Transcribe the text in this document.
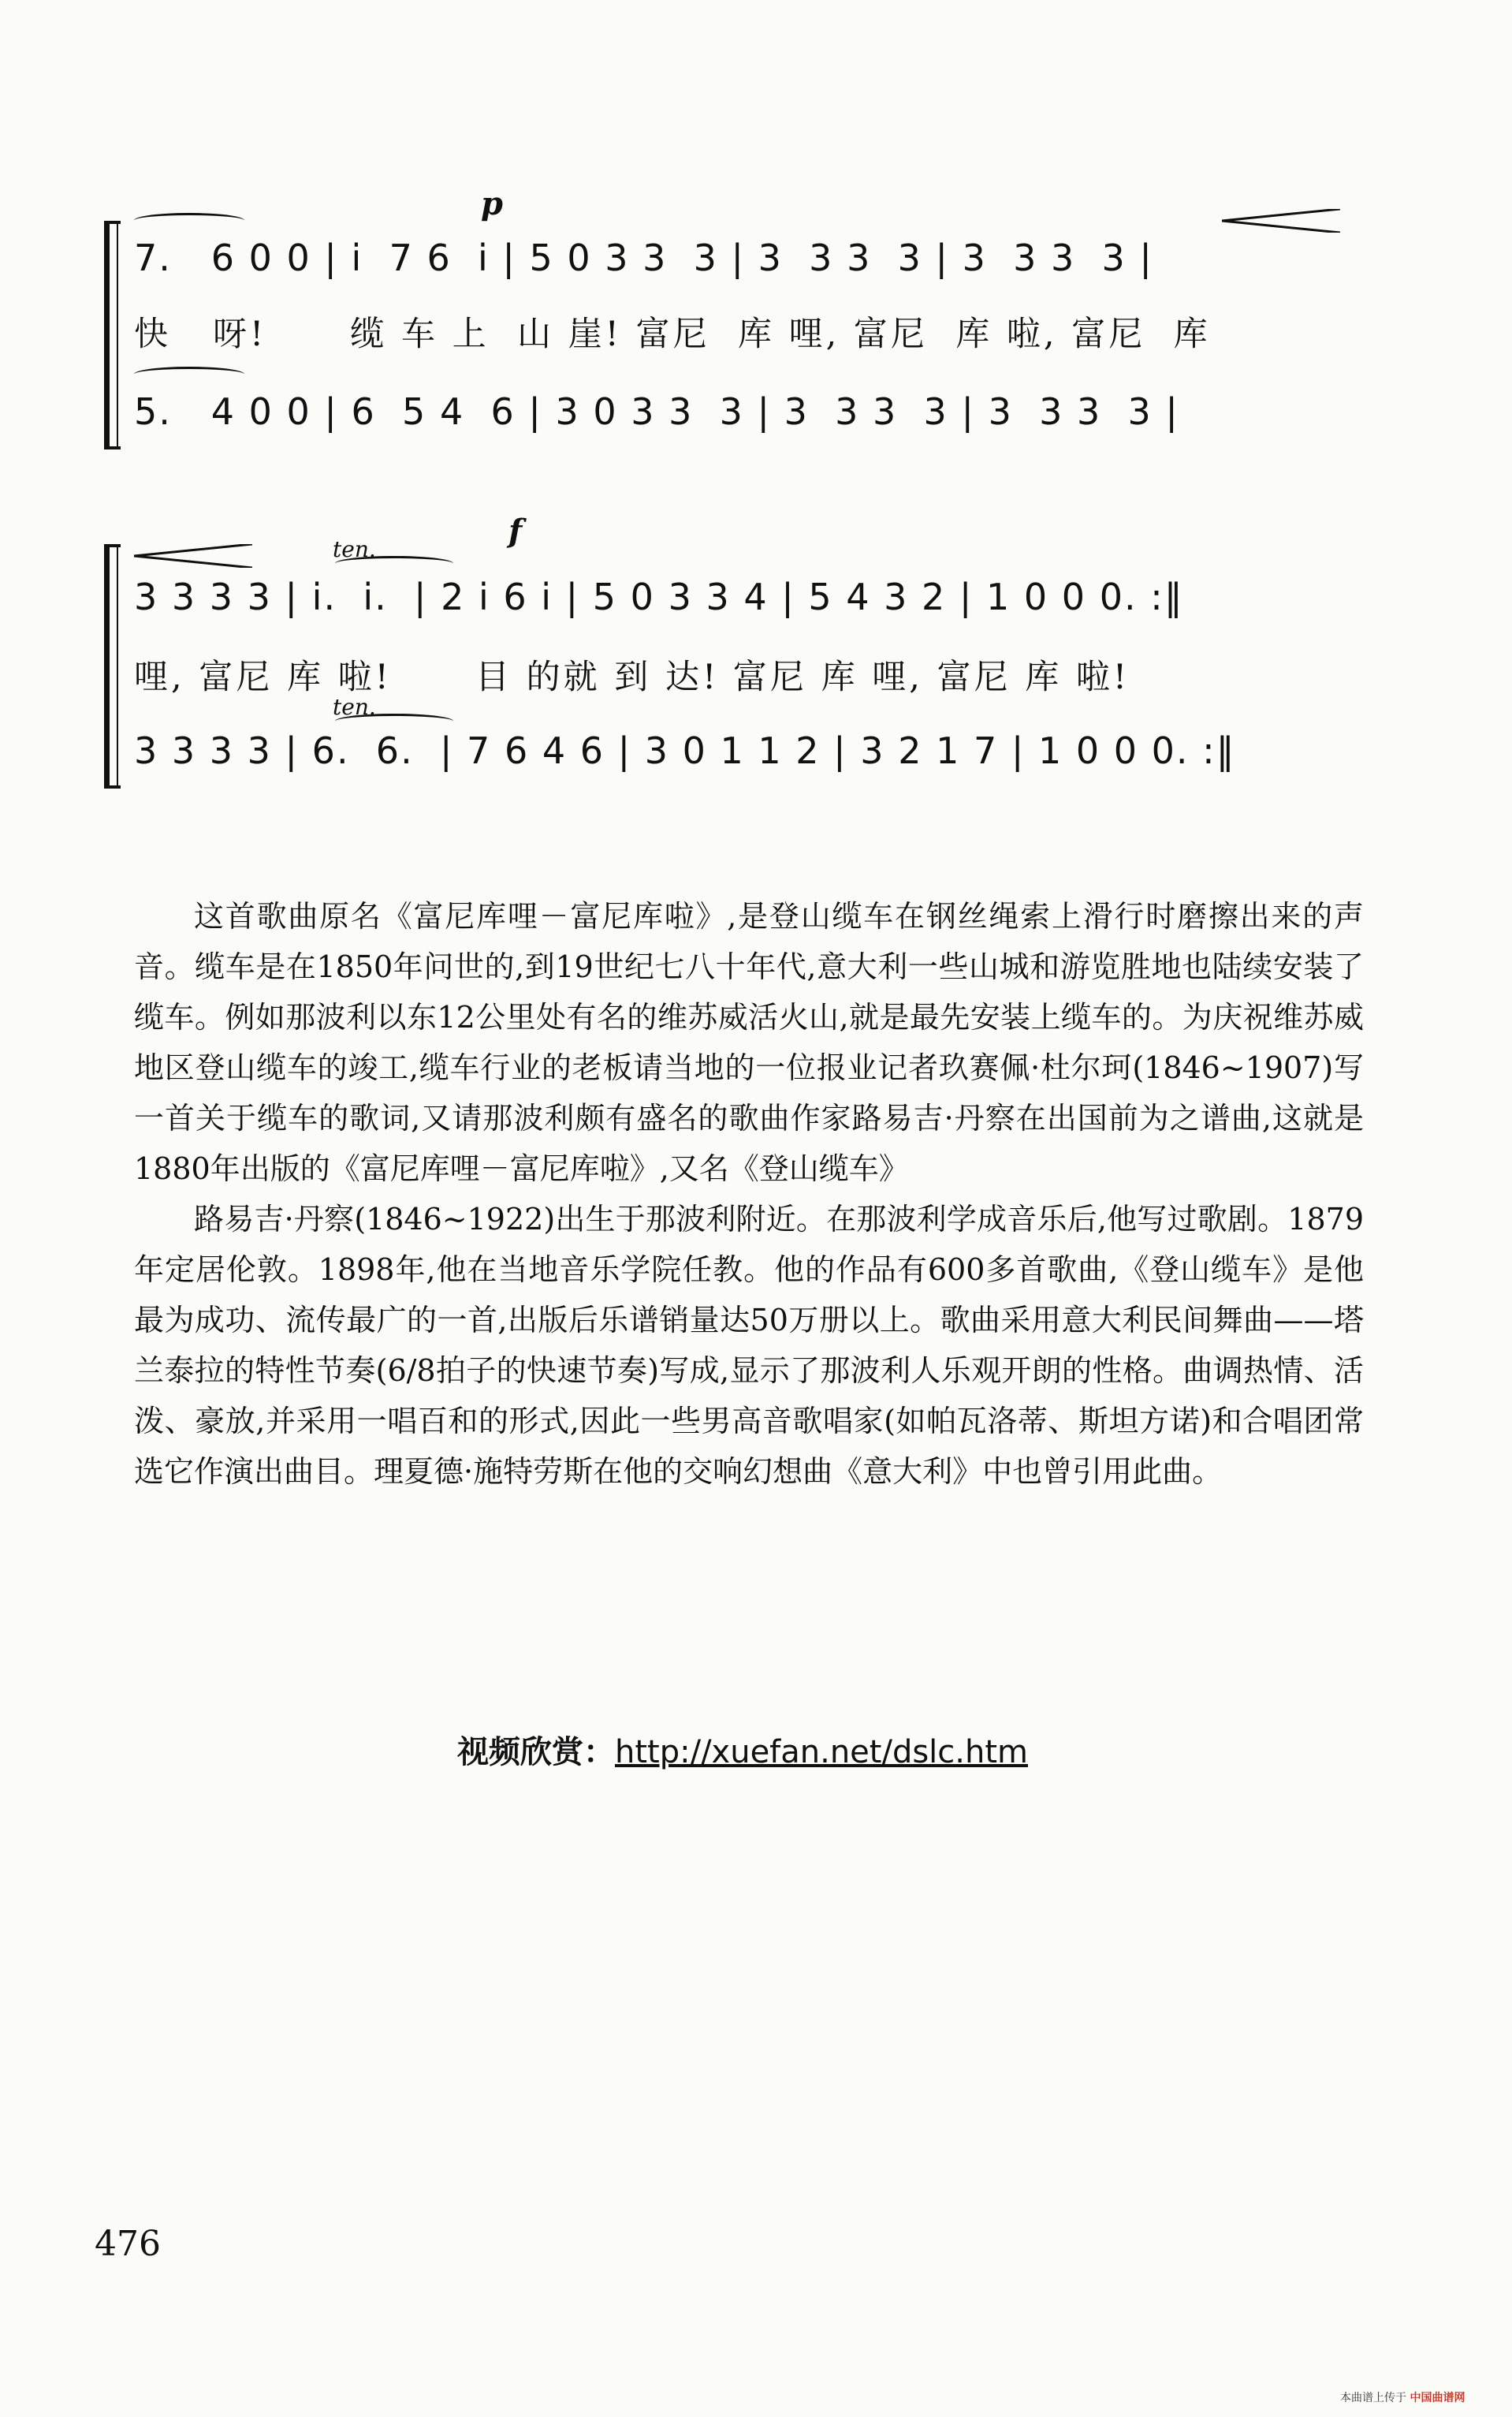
p
7.   6 0 0 | i  7 6  i | 5 0 3 3  3 | 3  3 3  3 | 3  3 3  3 |
快   呀!      缆 车 上  山 崖! 富尼  库 哩, 富尼  库 啦, 富尼  库
5.   4 0 0 | 6  5 4  6 | 3 0 3 3  3 | 3  3 3  3 | 3  3 3  3 |
ten.	f
3 3 3 3 | i.  i.  | 2 i 6 i | 5 0 3 3 4 | 5 4 3 2 | 1 0 0 0. :‖
哩, 富尼 库 啦!      目 的就 到 达! 富尼 库 哩, 富尼 库 啦!
ten.
3 3 3 3 | 6.  6.  | 7 6 4 6 | 3 0 1 1 2 | 3 2 1 7 | 1 0 0 0. :‖

这首歌曲原名《富尼库哩－富尼库啦》,是登山缆车在钢丝绳索上滑行时磨擦出来的声音。缆车是在1850年问世的,到19世纪七八十年代,意大利一些山城和游览胜地也陆续安装了缆车。例如那波利以东12公里处有名的维苏威活火山,就是最先安装上缆车的。为庆祝维苏威地区登山缆车的竣工,缆车行业的老板请当地的一位报业记者玖赛佩·杜尔珂(1846~1907)写一首关于缆车的歌词,又请那波利颇有盛名的歌曲作家路易吉·丹察在出国前为之谱曲,这就是1880年出版的《富尼库哩－富尼库啦》,又名《登山缆车》

路易吉·丹察(1846~1922)出生于那波利附近。在那波利学成音乐后,他写过歌剧。1879年定居伦敦。1898年,他在当地音乐学院任教。他的作品有600多首歌曲,《登山缆车》是他最为成功、流传最广的一首,出版后乐谱销量达50万册以上。歌曲采用意大利民间舞曲——塔兰泰拉的特性节奏(6/8拍子的快速节奏)写成,显示了那波利人乐观开朗的性格。曲调热情、活泼、豪放,并采用一唱百和的形式,因此一些男高音歌唱家(如帕瓦洛蒂、斯坦方诺)和合唱团常选它作演出曲目。理夏德·施特劳斯在他的交响幻想曲《意大利》中也曾引用此曲。

视频欣赏：http://xuefan.net/dslc.htm
476
本曲谱上传于 中国曲谱网
